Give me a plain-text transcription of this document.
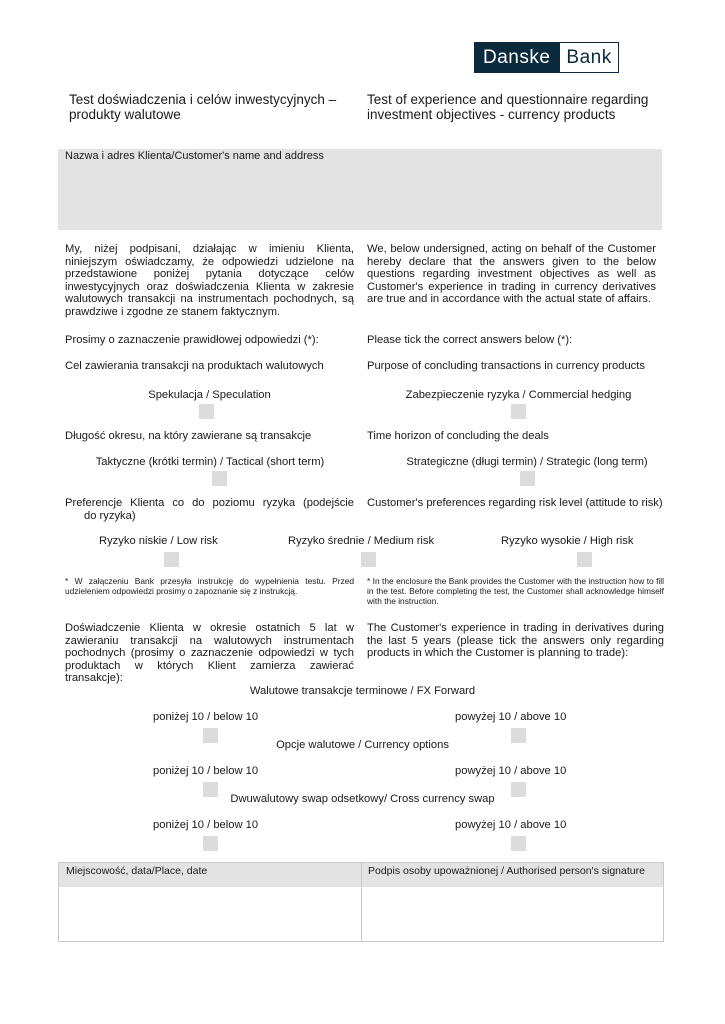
Danske Bank
Test doświadczenia i celów inwestycyjnych – produkty walutowe
Test of experience and questionnaire regarding investment objectives - currency products
Nazwa i adres Klienta/Customer's name and address
My, niżej podpisani, działając w imieniu Klienta, niniejszym oświadczamy, że odpowiedzi udzielone na przedstawione poniżej pytania dotyczące celów inwestycyjnych oraz doświadczenia Klienta w zakresie walutowych transakcji na instrumentach pochodnych, są prawdziwe i zgodne ze stanem faktycznym.
We, below undersigned, acting on behalf of the Customer hereby declare that the answers given to the below questions regarding investment objectives as well as Customer's experience in trading in currency derivatives are true and in accordance with the actual state of affairs.
Prosimy o zaznaczenie prawidłowej odpowiedzi (*):	Please tick the correct answers below (*):
Cel zawierania transakcji na produktach walutowych	Purpose of concluding transactions in currency products
Spekulacja / Speculation	Zabezpieczenie ryzyka / Commercial hedging
Długość okresu, na który zawierane są transakcje	Time horizon of concluding the deals
Taktyczne (krótki termin) / Tactical (short term)	Strategiczne (długi termin) / Strategic (long term)
Preferencje Klienta co do poziomu ryzyka (podejście
do ryzyka)
Customer's preferences regarding risk level (attitude to risk)
Ryzyko niskie / Low risk	Ryzyko średnie / Medium risk	Ryzyko wysokie / High risk
* W załączeniu Bank przesyła instrukcję do wypełnienia testu. Przed udzieleniem odpowiedzi prosimy o zapoznanie się z instrukcją.
* In the enclosure the Bank provides the Customer with the instruction how to fill in the test. Before completing the test, the Customer shall acknowledge himself with the instruction.
Doświadczenie Klienta w okresie ostatnich 5 lat w zawieraniu transakcji na walutowych instrumentach pochodnych (prosimy o zaznaczenie odpowiedzi w tych produktach w których Klient zamierza zawierać transakcje):
The Customer's experience in trading in derivatives during the last 5 years (please tick the answers only regarding products in which the Customer is planning to trade):
Walutowe transakcje terminowe / FX Forward
poniżej 10 / below 10	powyżej 10 / above 10
Opcje walutowe / Currency options
poniżej 10 / below 10	powyżej 10 / above 10
Dwuwalutowy swap odsetkowy/ Cross currency swap
poniżej 10 / below 10	powyżej 10 / above 10
Miejscowość, data/Place, date	Podpis osoby upoważnionej / Authorised person's signature
